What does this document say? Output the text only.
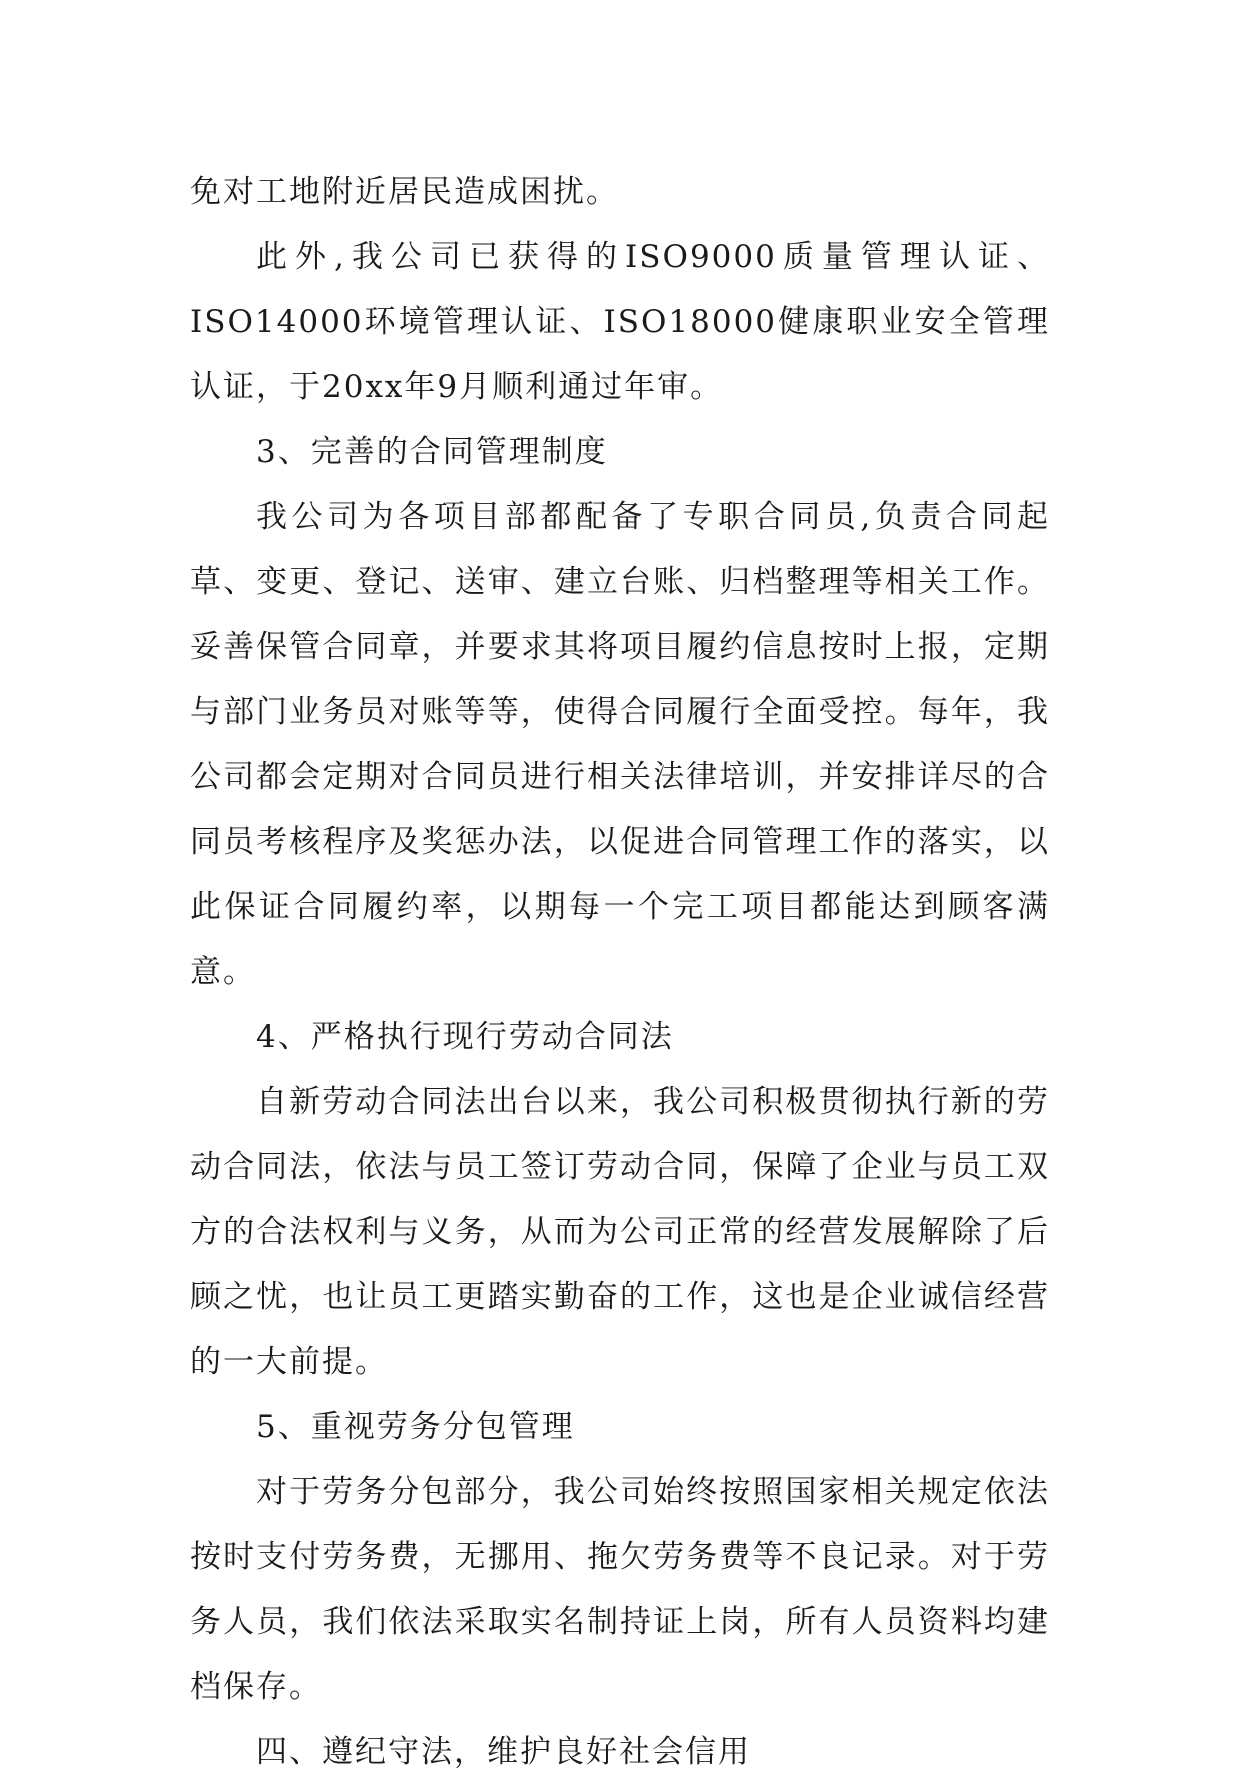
免对工地附近居民造成困扰。

此外,我公司已获得的ISO9000质量管理认证、ISO14000环境管理认证、ISO18000健康职业安全管理认证，于20xx年9月顺利通过年审。

3、完善的合同管理制度

我公司为各项目部都配备了专职合同员,负责合同起草、变更、登记、送审、建立台账、归档整理等相关工作。妥善保管合同章，并要求其将项目履约信息按时上报，定期与部门业务员对账等等，使得合同履行全面受控。每年，我公司都会定期对合同员进行相关法律培训，并安排详尽的合同员考核程序及奖惩办法，以促进合同管理工作的落实，以此保证合同履约率，以期每一个完工项目都能达到顾客满意。

4、严格执行现行劳动合同法

自新劳动合同法出台以来，我公司积极贯彻执行新的劳动合同法，依法与员工签订劳动合同，保障了企业与员工双方的合法权利与义务，从而为公司正常的经营发展解除了后顾之忧，也让员工更踏实勤奋的工作，这也是企业诚信经营的一大前提。

5、重视劳务分包管理

对于劳务分包部分，我公司始终按照国家相关规定依法按时支付劳务费，无挪用、拖欠劳务费等不良记录。对于劳务人员，我们依法采取实名制持证上岗，所有人员资料均建档保存。

四、遵纪守法，维护良好社会信用
